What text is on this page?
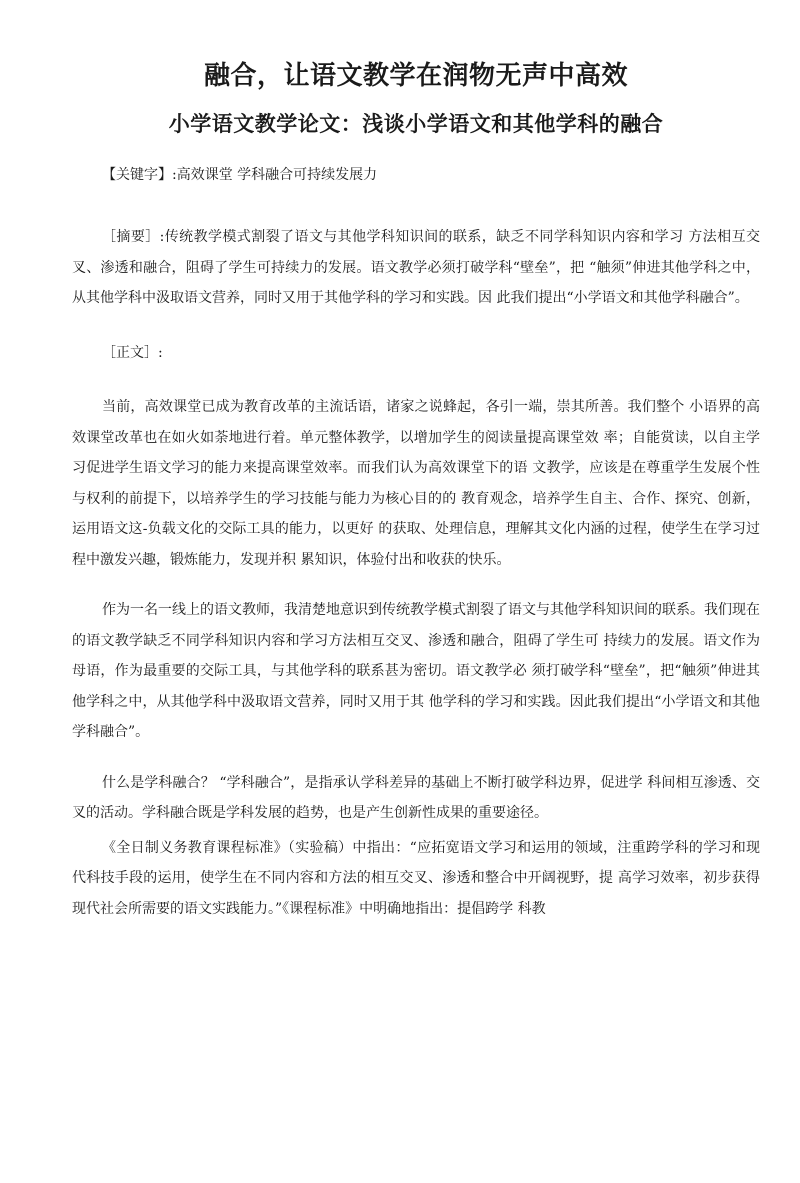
融合，让语文教学在润物无声中高效
小学语文教学论文：浅谈小学语文和其他学科的融合

【关键字】:高效课堂 学科融合可持续发展力

［摘要］:传统教学模式割裂了语文与其他学科知识间的联系，缺乏不同学科知识内容和学习 方法相互交叉、渗透和融合，阻碍了学生可持续力的发展。语文教学必须打破学科“壁垒”，把 “触须”伸进其他学科之中，从其他学科中汲取语文营养，同时又用于其他学科的学习和实践。因 此我们提出“小学语文和其他学科融合”。

［正文］:

当前，高效课堂已成为教育改革的主流话语，诸家之说蜂起，各引一端，崇其所善。我们整个 小语界的高效课堂改革也在如火如荼地进行着。单元整体教学，以增加学生的阅读量提高课堂效 率；自能赏读，以自主学习促进学生语文学习的能力来提高课堂效率。而我们认为高效课堂下的语 文教学，应该是在尊重学生发展个性与权利的前提下，以培养学生的学习技能与能力为核心目的的 教育观念，培养学生自主、合作、探究、创新，运用语文这-负载文化的交际工具的能力，以更好 的获取、处理信息，理解其文化内涵的过程，使学生在学习过程中激发兴趣，锻炼能力，发现并积 累知识，体验付出和收获的快乐。

作为一名一线上的语文教师，我清楚地意识到传统教学模式割裂了语文与其他学科知识间的联系。我们现在的语文教学缺乏不同学科知识内容和学习方法相互交叉、渗透和融合，阻碍了学生可 持续力的发展。语文作为母语，作为最重要的交际工具，与其他学科的联系甚为密切。语文教学必 须打破学科“壁垒”，把“触须”伸进其他学科之中，从其他学科中汲取语文营养，同时又用于其 他学科的学习和实践。因此我们提出“小学语文和其他学科融合”。

什么是学科融合？ “学科融合”，是指承认学科差异的基础上不断打破学科边界，促进学 科间相互渗透、交叉的活动。学科融合既是学科发展的趋势，也是产生创新性成果的重要途径。

《全日制义务教育课程标准》（实验稿）中指出：“应拓宽语文学习和运用的领域，注重跨学科的学习和现代科技手段的运用，使学生在不同内容和方法的相互交叉、渗透和整合中开阔视野，提 高学习效率，初步获得现代社会所需要的语文实践能力。”《课程标准》中明确地指出：提倡跨学 科教
